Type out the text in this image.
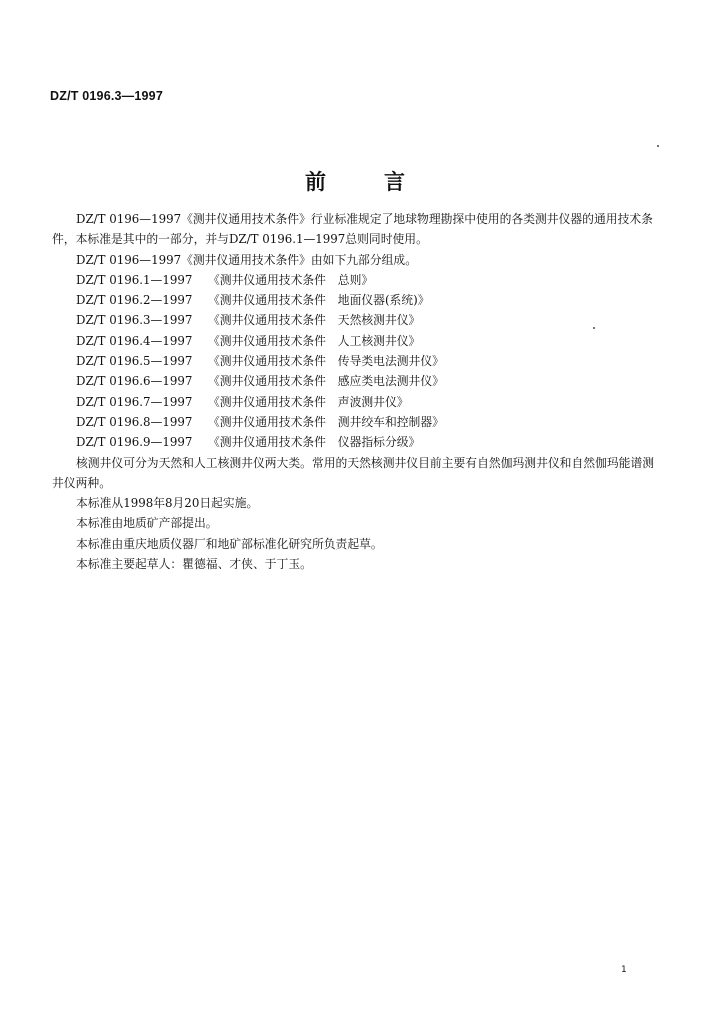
DZ/T 0196.3—1997
前	言

DZ/T 0196—1997《测井仪通用技术条件》行业标准规定了地球物理勘探中使用的各类测井仪器的通用技术条件，本标准是其中的一部分，并与DZ/T 0196.1—1997总则同时使用。

DZ/T 0196—1997《测井仪通用技术条件》由如下九部分组成。

DZ/T 0196.1—1997 《测井仪通用技术条件　总则》

DZ/T 0196.2—1997 《测井仪通用技术条件　地面仪器(系统)》

DZ/T 0196.3—1997 《测井仪通用技术条件　天然核测井仪》

DZ/T 0196.4—1997 《测井仪通用技术条件　人工核测井仪》

DZ/T 0196.5—1997 《测井仪通用技术条件　传导类电法测井仪》

DZ/T 0196.6—1997 《测井仪通用技术条件　感应类电法测井仪》

DZ/T 0196.7—1997 《测井仪通用技术条件　声波测井仪》

DZ/T 0196.8—1997 《测井仪通用技术条件　测井绞车和控制器》

DZ/T 0196.9—1997 《测井仪通用技术条件　仪器指标分级》

核测井仪可分为天然和人工核测井仪两大类。常用的天然核测井仪目前主要有自然伽玛测井仪和自然伽玛能谱测井仪两种。

本标准从1998年8月20日起实施。

本标准由地质矿产部提出。

本标准由重庆地质仪器厂和地矿部标准化研究所负责起草。

本标准主要起草人：瞿德福、才侠、于丁玉。

1
